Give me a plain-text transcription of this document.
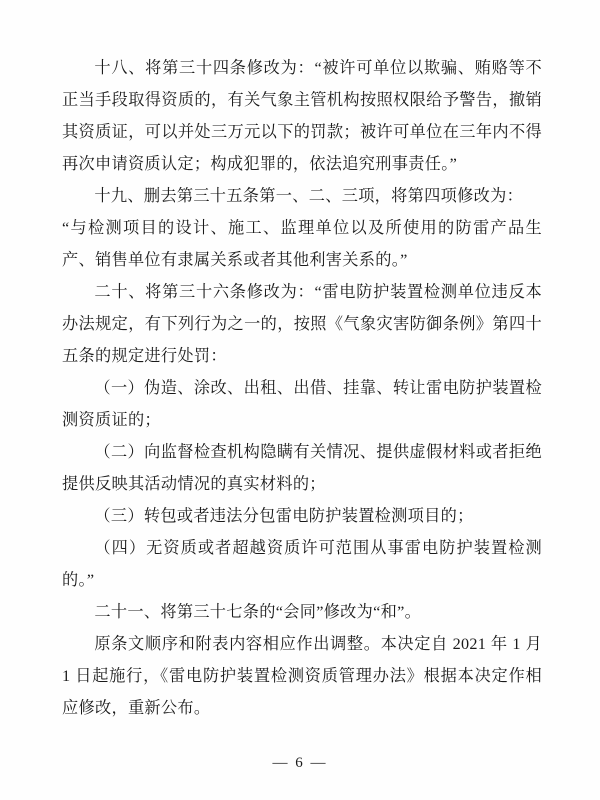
十八、将第三十四条修改为：“被许可单位以欺骗、贿赂等不正当手段取得资质的，有关气象主管机构按照权限给予警告，撤销其资质证，可以并处三万元以下的罚款；被许可单位在三年内不得再次申请资质认定；构成犯罪的，依法追究刑事责任。”

十九、删去第三十五条第一、二、三项，将第四项修改为：

“与检测项目的设计、施工、监理单位以及所使用的防雷产品生产、销售单位有隶属关系或者其他利害关系的。”

二十、将第三十六条修改为：“雷电防护装置检测单位违反本办法规定，有下列行为之一的，按照《气象灾害防御条例》第四十五条的规定进行处罚：

（一）伪造、涂改、出租、出借、挂靠、转让雷电防护装置检测资质证的；

（二）向监督检查机构隐瞒有关情况、提供虚假材料或者拒绝提供反映其活动情况的真实材料的；

（三）转包或者违法分包雷电防护装置检测项目的；

（四）无资质或者超越资质许可范围从事雷电防护装置检测的。”

二十一、将第三十七条的“会同”修改为“和”。

原条文顺序和附表内容相应作出调整。本决定自 2021 年 1 月 1 日起施行，《雷电防护装置检测资质管理办法》根据本决定作相应修改，重新公布。

— 6 —
